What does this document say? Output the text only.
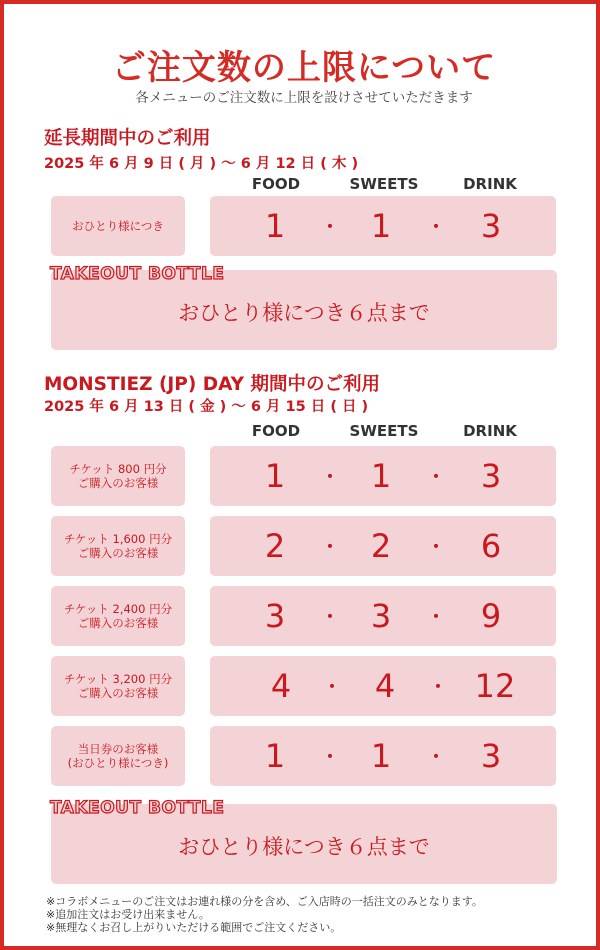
ご注文数の上限について
各メニューのご注文数に上限を設けさせていただきます
延長期間中のご利用
2025 年 6 月 9 日 ( 月 ) ～ 6 月 12 日 ( 木 )
FOOD	SWEETS	DRINK
おひとり様につき	1	・ 1	・	3
TAKEOUT BOTTLE
おひとり様につき６点まで
MONSTIEZ (JP) DAY 期間中のご利用
2025 年 6 月 13 日 ( 金 ) ～ 6 月 15 日 ( 日 )
FOOD	SWEETS	DRINK
チケット 800 円分
ご購入のお客様	1	・ 1	・	3
チケット 1,600 円分
ご購入のお客様	2	・ 2	・	6
チケット 2,400 円分
ご購入のお客様	3	・ 3	・	9
チケット 3,200 円分
ご購入のお客様	4	・	4	・ 12
当日券のお客様
(おひとり様につき)	1	・ 1	・	3
TAKEOUT BOTTLE
おひとり様につき６点まで
※コラボメニューのご注文はお連れ様の分を含め、ご入店時の一括注文のみとなります。
※追加注文はお受け出来ません。
※無理なくお召し上がりいただける範囲でご注文ください。
